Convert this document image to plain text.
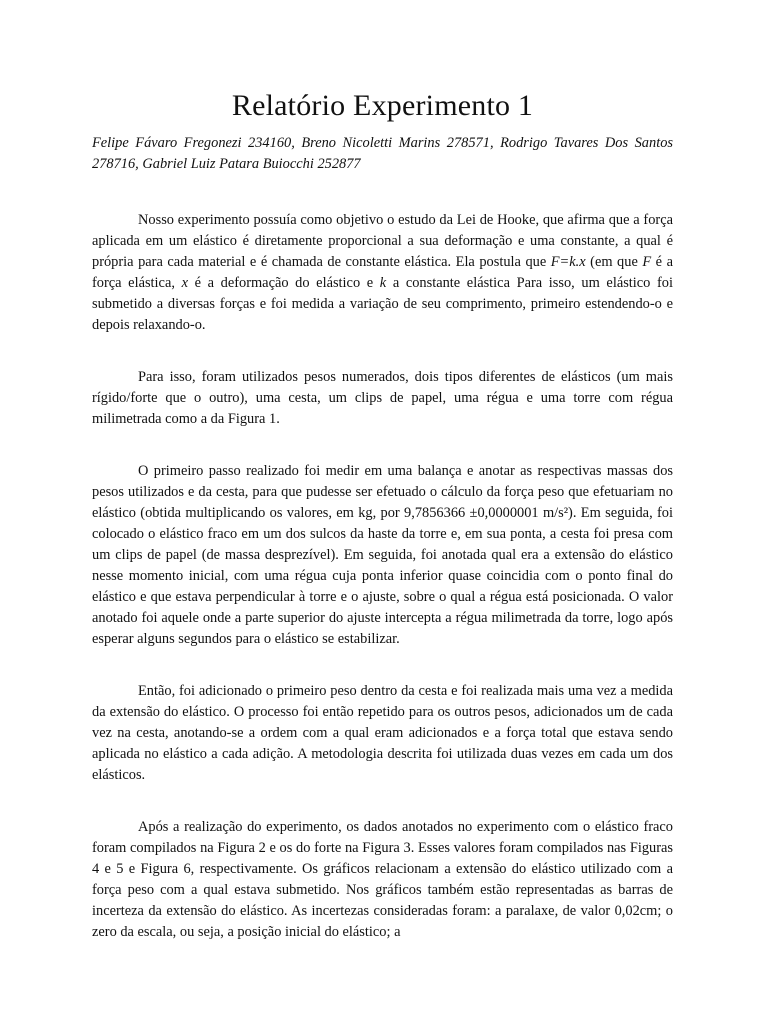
Relatório Experimento 1

Felipe Fávaro Fregonezi 234160, Breno Nicoletti Marins 278571, Rodrigo Tavares Dos Santos 278716, Gabriel Luiz Patara Buiocchi 252877

Nosso experimento possuía como objetivo o estudo da Lei de Hooke, que afirma que a força aplicada em um elástico é diretamente proporcional a sua deformação e uma constante, a qual é própria para cada material e é chamada de constante elástica. Ela postula que F=k.x (em que F é a força elástica, x é a deformação do elástico e k a constante elástica Para isso, um elástico foi submetido a diversas forças e foi medida a variação de seu comprimento, primeiro estendendo-o e depois relaxando-o.

Para isso, foram utilizados pesos numerados, dois tipos diferentes de elásticos (um mais rígido/forte que o outro), uma cesta, um clips de papel, uma régua e uma torre com régua milimetrada como a da Figura 1.

O primeiro passo realizado foi medir em uma balança e anotar as respectivas massas dos pesos utilizados e da cesta, para que pudesse ser efetuado o cálculo da força peso que efetuariam no elástico (obtida multiplicando os valores, em kg, por 9,7856366 ±0,0000001 m/s²). Em seguida, foi colocado o elástico fraco em um dos sulcos da haste da torre e, em sua ponta, a cesta foi presa com um clips de papel (de massa desprezível). Em seguida, foi anotada qual era a extensão do elástico nesse momento inicial, com uma régua cuja ponta inferior quase coincidia com o ponto final do elástico e que estava perpendicular à torre e o ajuste, sobre o qual a régua está posicionada. O valor anotado foi aquele onde a parte superior do ajuste intercepta a régua milimetrada da torre, logo após esperar alguns segundos para o elástico se estabilizar.

Então, foi adicionado o primeiro peso dentro da cesta e foi realizada mais uma vez a medida da extensão do elástico. O processo foi então repetido para os outros pesos, adicionados um de cada vez na cesta, anotando-se a ordem com a qual eram adicionados e a força total que estava sendo aplicada no elástico a cada adição. A metodologia descrita foi utilizada duas vezes em cada um dos elásticos.

Após a realização do experimento, os dados anotados no experimento com o elástico fraco foram compilados na Figura 2 e os do forte na Figura 3. Esses valores foram compilados nas Figuras 4 e 5 e Figura 6, respectivamente. Os gráficos relacionam a extensão do elástico utilizado com a força peso com a qual estava submetido. Nos gráficos também estão representadas as barras de incerteza da extensão do elástico. As incertezas consideradas foram: a paralaxe, de valor 0,02cm; o zero da escala, ou seja, a posição inicial do elástico; a
